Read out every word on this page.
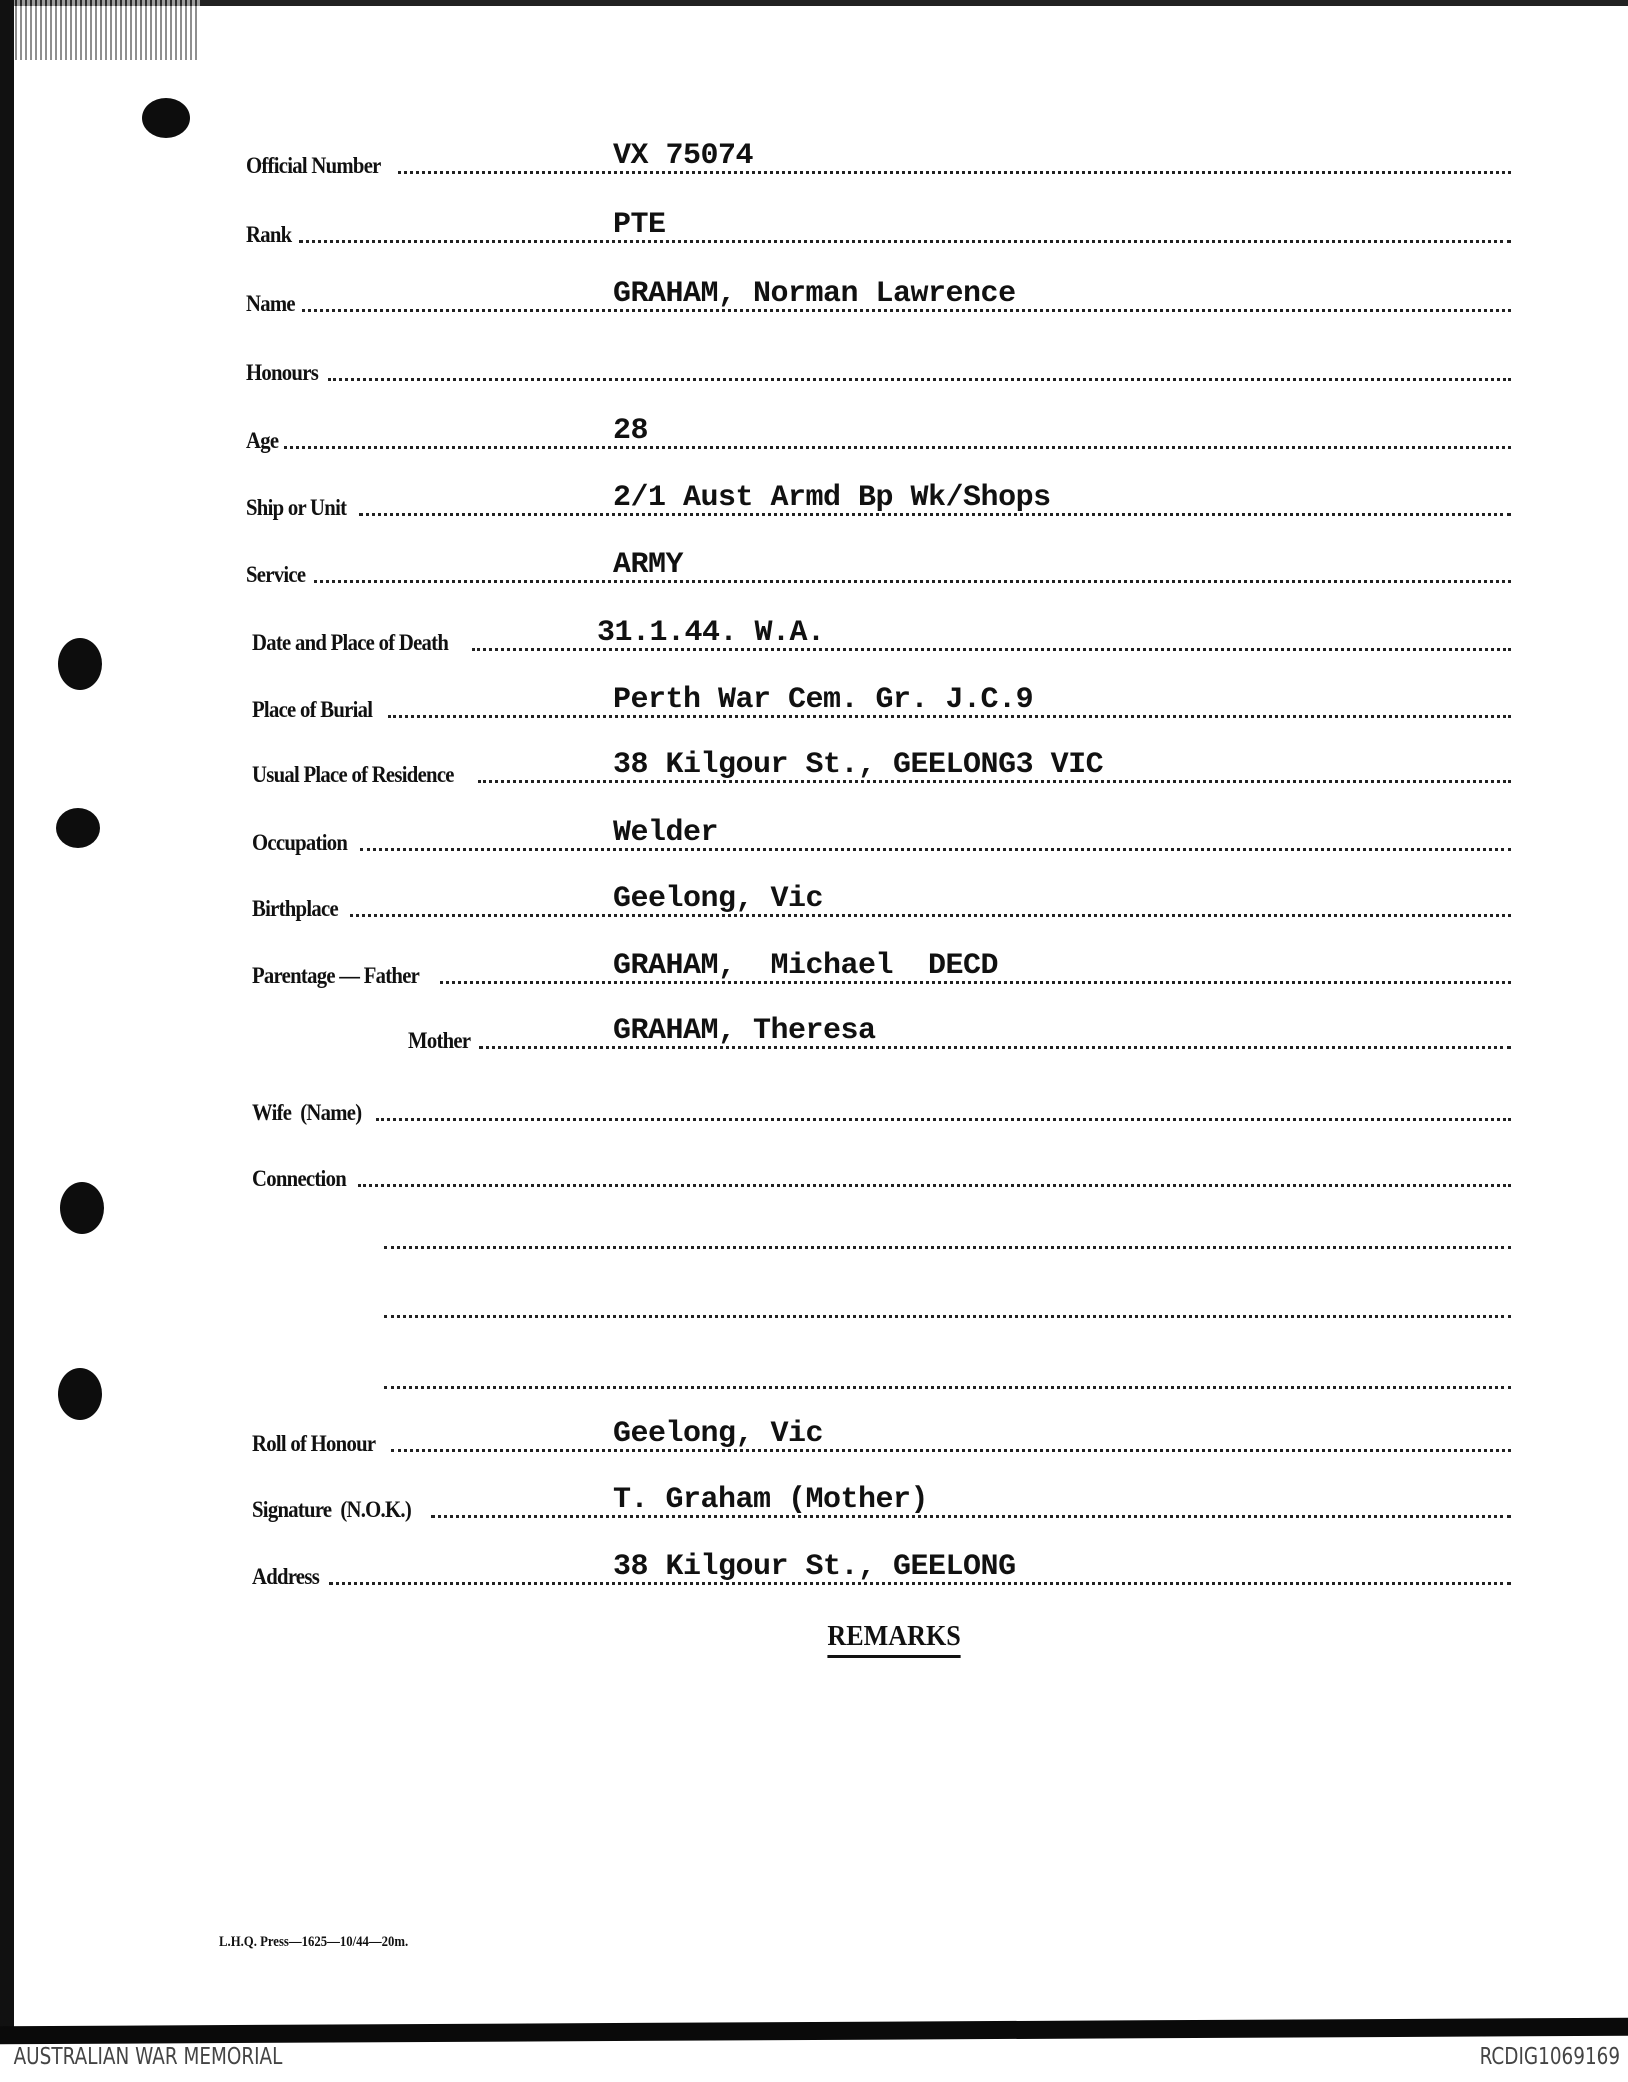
Official Number	VX 75074
Rank	PTE
Name	GRAHAM, Norman Lawrence
Honours
Age	28
Ship or Unit	2/1 Aust Armd Bp Wk/Shops
Service	ARMY
Date and Place of Death	31.1.44. W.A.
Place of Burial	Perth War Cem. Gr. J.C.9
Usual Place of Residence	38 Kilgour St., GEELONG3 VIC
Occupation	Welder
Birthplace	Geelong, Vic
Parentage — Father	GRAHAM,  Michael  DECD
Mother	GRAHAM, Theresa
Wife  (Name)
Connection
Roll of Honour	Geelong, Vic
Signature  (N.O.K.)	T. Graham (Mother)
Address	38 Kilgour St., GEELONG
REMARKS
L.H.Q. Press—1625—10/44—20m.
AUSTRALIAN WAR MEMORIAL	RCDIG1069169
